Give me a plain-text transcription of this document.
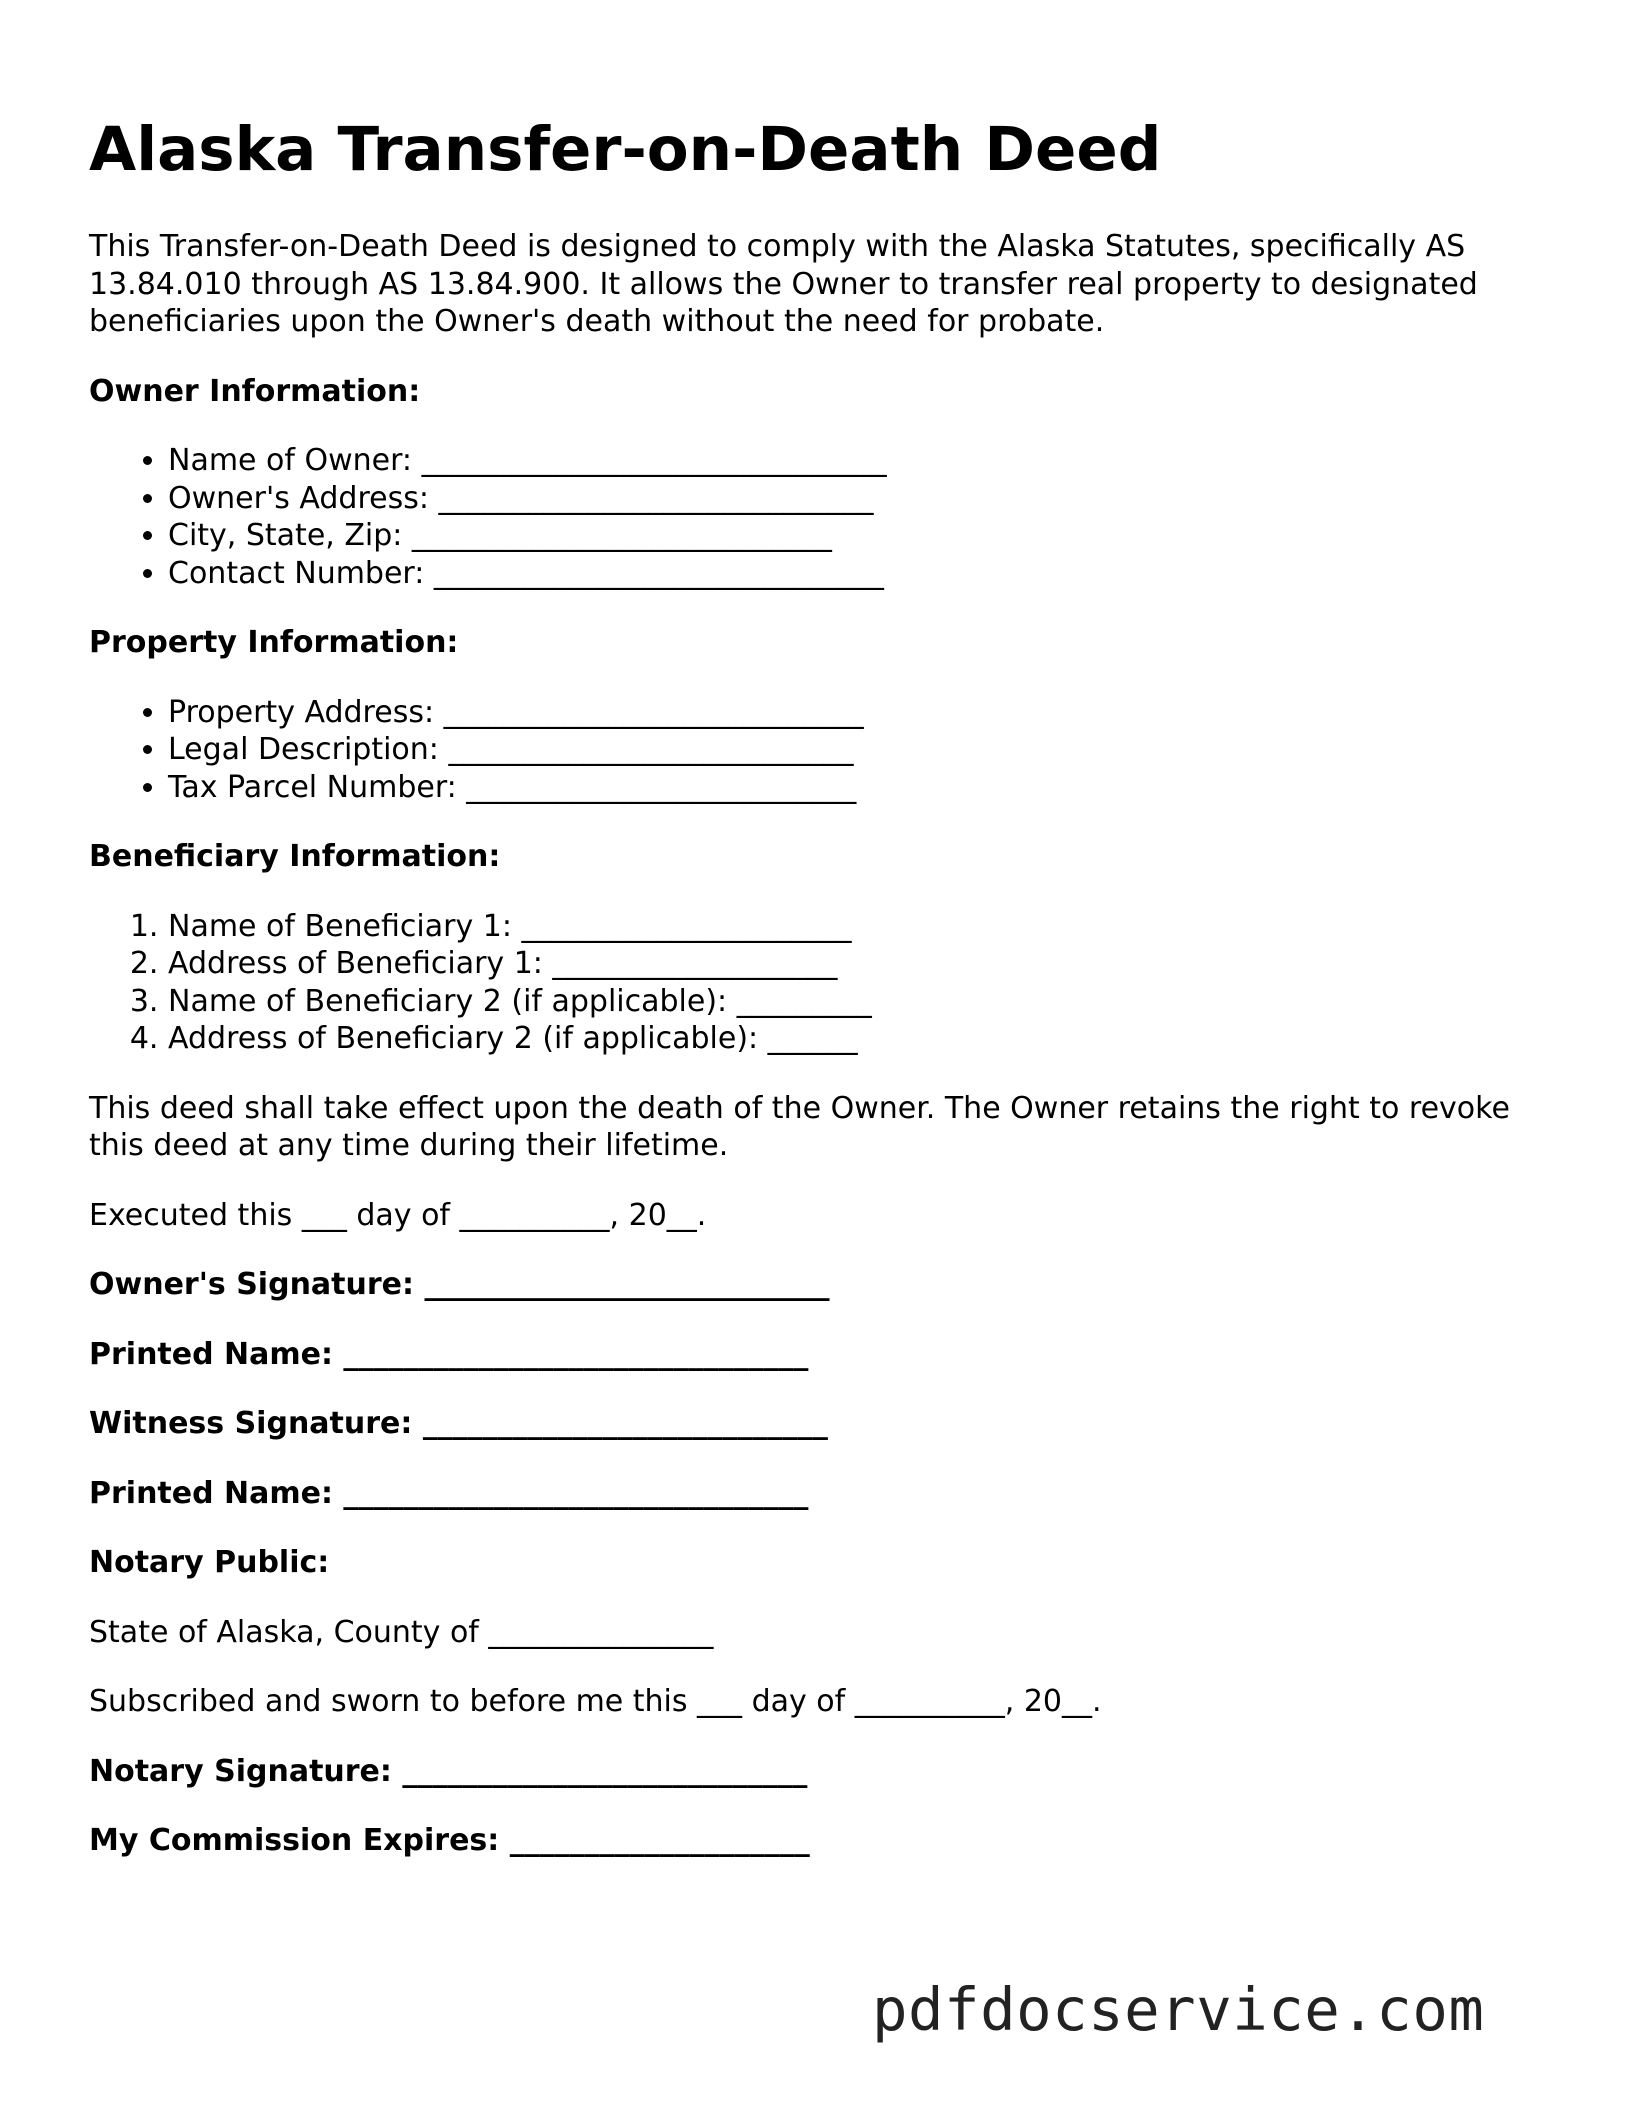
Alaska Transfer-on-Death Deed

This Transfer-on-Death Deed is designed to comply with the Alaska Statutes, specifically AS 13.84.010 through AS 13.84.900. It allows the Owner to transfer real property to designated beneficiaries upon the Owner's death without the need for probate.

Owner Information:
• Name of Owner: _______________________________
• Owner's Address: _____________________________
• City, State, Zip: ____________________________
• Contact Number: ______________________________
Property Information:
• Property Address: ____________________________
• Legal Description: ___________________________
• Tax Parcel Number: __________________________
Beneficiary Information:
1. Name of Beneficiary 1: ______________________
2. Address of Beneficiary 1: ___________________
3. Name of Beneficiary 2 (if applicable): _________
4. Address of Beneficiary 2 (if applicable): ______

This deed shall take effect upon the death of the Owner. The Owner retains the right to revoke this deed at any time during their lifetime.

Executed this ___ day of __________, 20__.

Owner's Signature: ___________________________
Printed Name: _______________________________
Witness Signature: ___________________________
Printed Name: _______________________________
Notary Public:

State of Alaska, County of _______________

Subscribed and sworn to before me this ___ day of __________, 20__.

Notary Signature: ___________________________
My Commission Expires: ____________________
pdfdocservice.com
